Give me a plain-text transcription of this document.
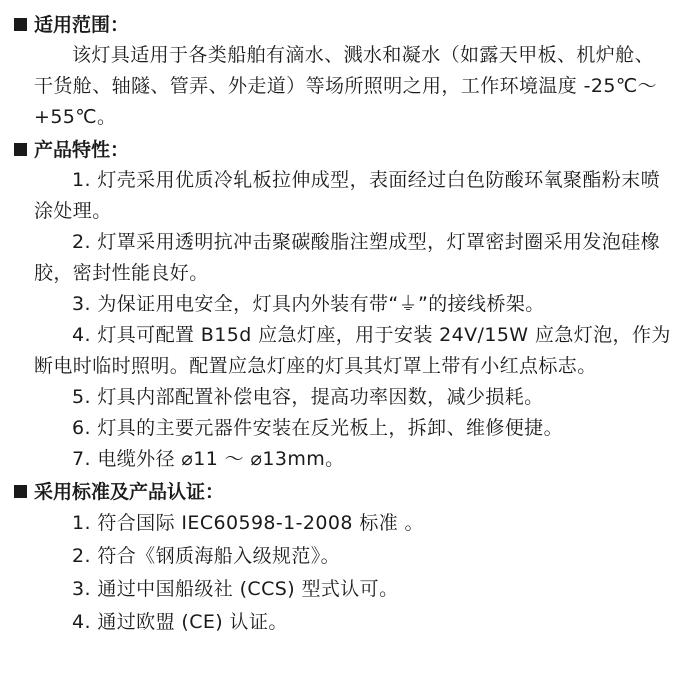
适用范围：
该灯具适用于各类船舶有滴水、溅水和凝水（如露天甲板、机炉舱、干货舱、轴隧、管弄、外走道）等场所照明之用，工作环境温度 -25℃～ +55℃。
产品特性：
1. 灯壳采用优质冷轧板拉伸成型，表面经过白色防酸环氧聚酯粉末喷涂处理。
2. 灯罩采用透明抗冲击聚碳酸脂注塑成型，灯罩密封圈采用发泡硅橡胶，密封性能良好。
3. 为保证用电安全，灯具内外装有带“⏚”的接线桥架。
4. 灯具可配置 B15d 应急灯座，用于安装 24V/15W 应急灯泡，作为断电时临时照明。配置应急灯座的灯具其灯罩上带有小红点标志。
5. 灯具内部配置补偿电容，提高功率因数，减少损耗。
6. 灯具的主要元器件安装在反光板上，拆卸、维修便捷。
7. 电缆外径 ⌀11 ～ ⌀13mm。
采用标准及产品认证：
1. 符合国际 IEC60598-1-2008 标准 。
2. 符合《钢质海船入级规范》。
3. 通过中国船级社 (CCS) 型式认可。
4. 通过欧盟 (CE) 认证。
